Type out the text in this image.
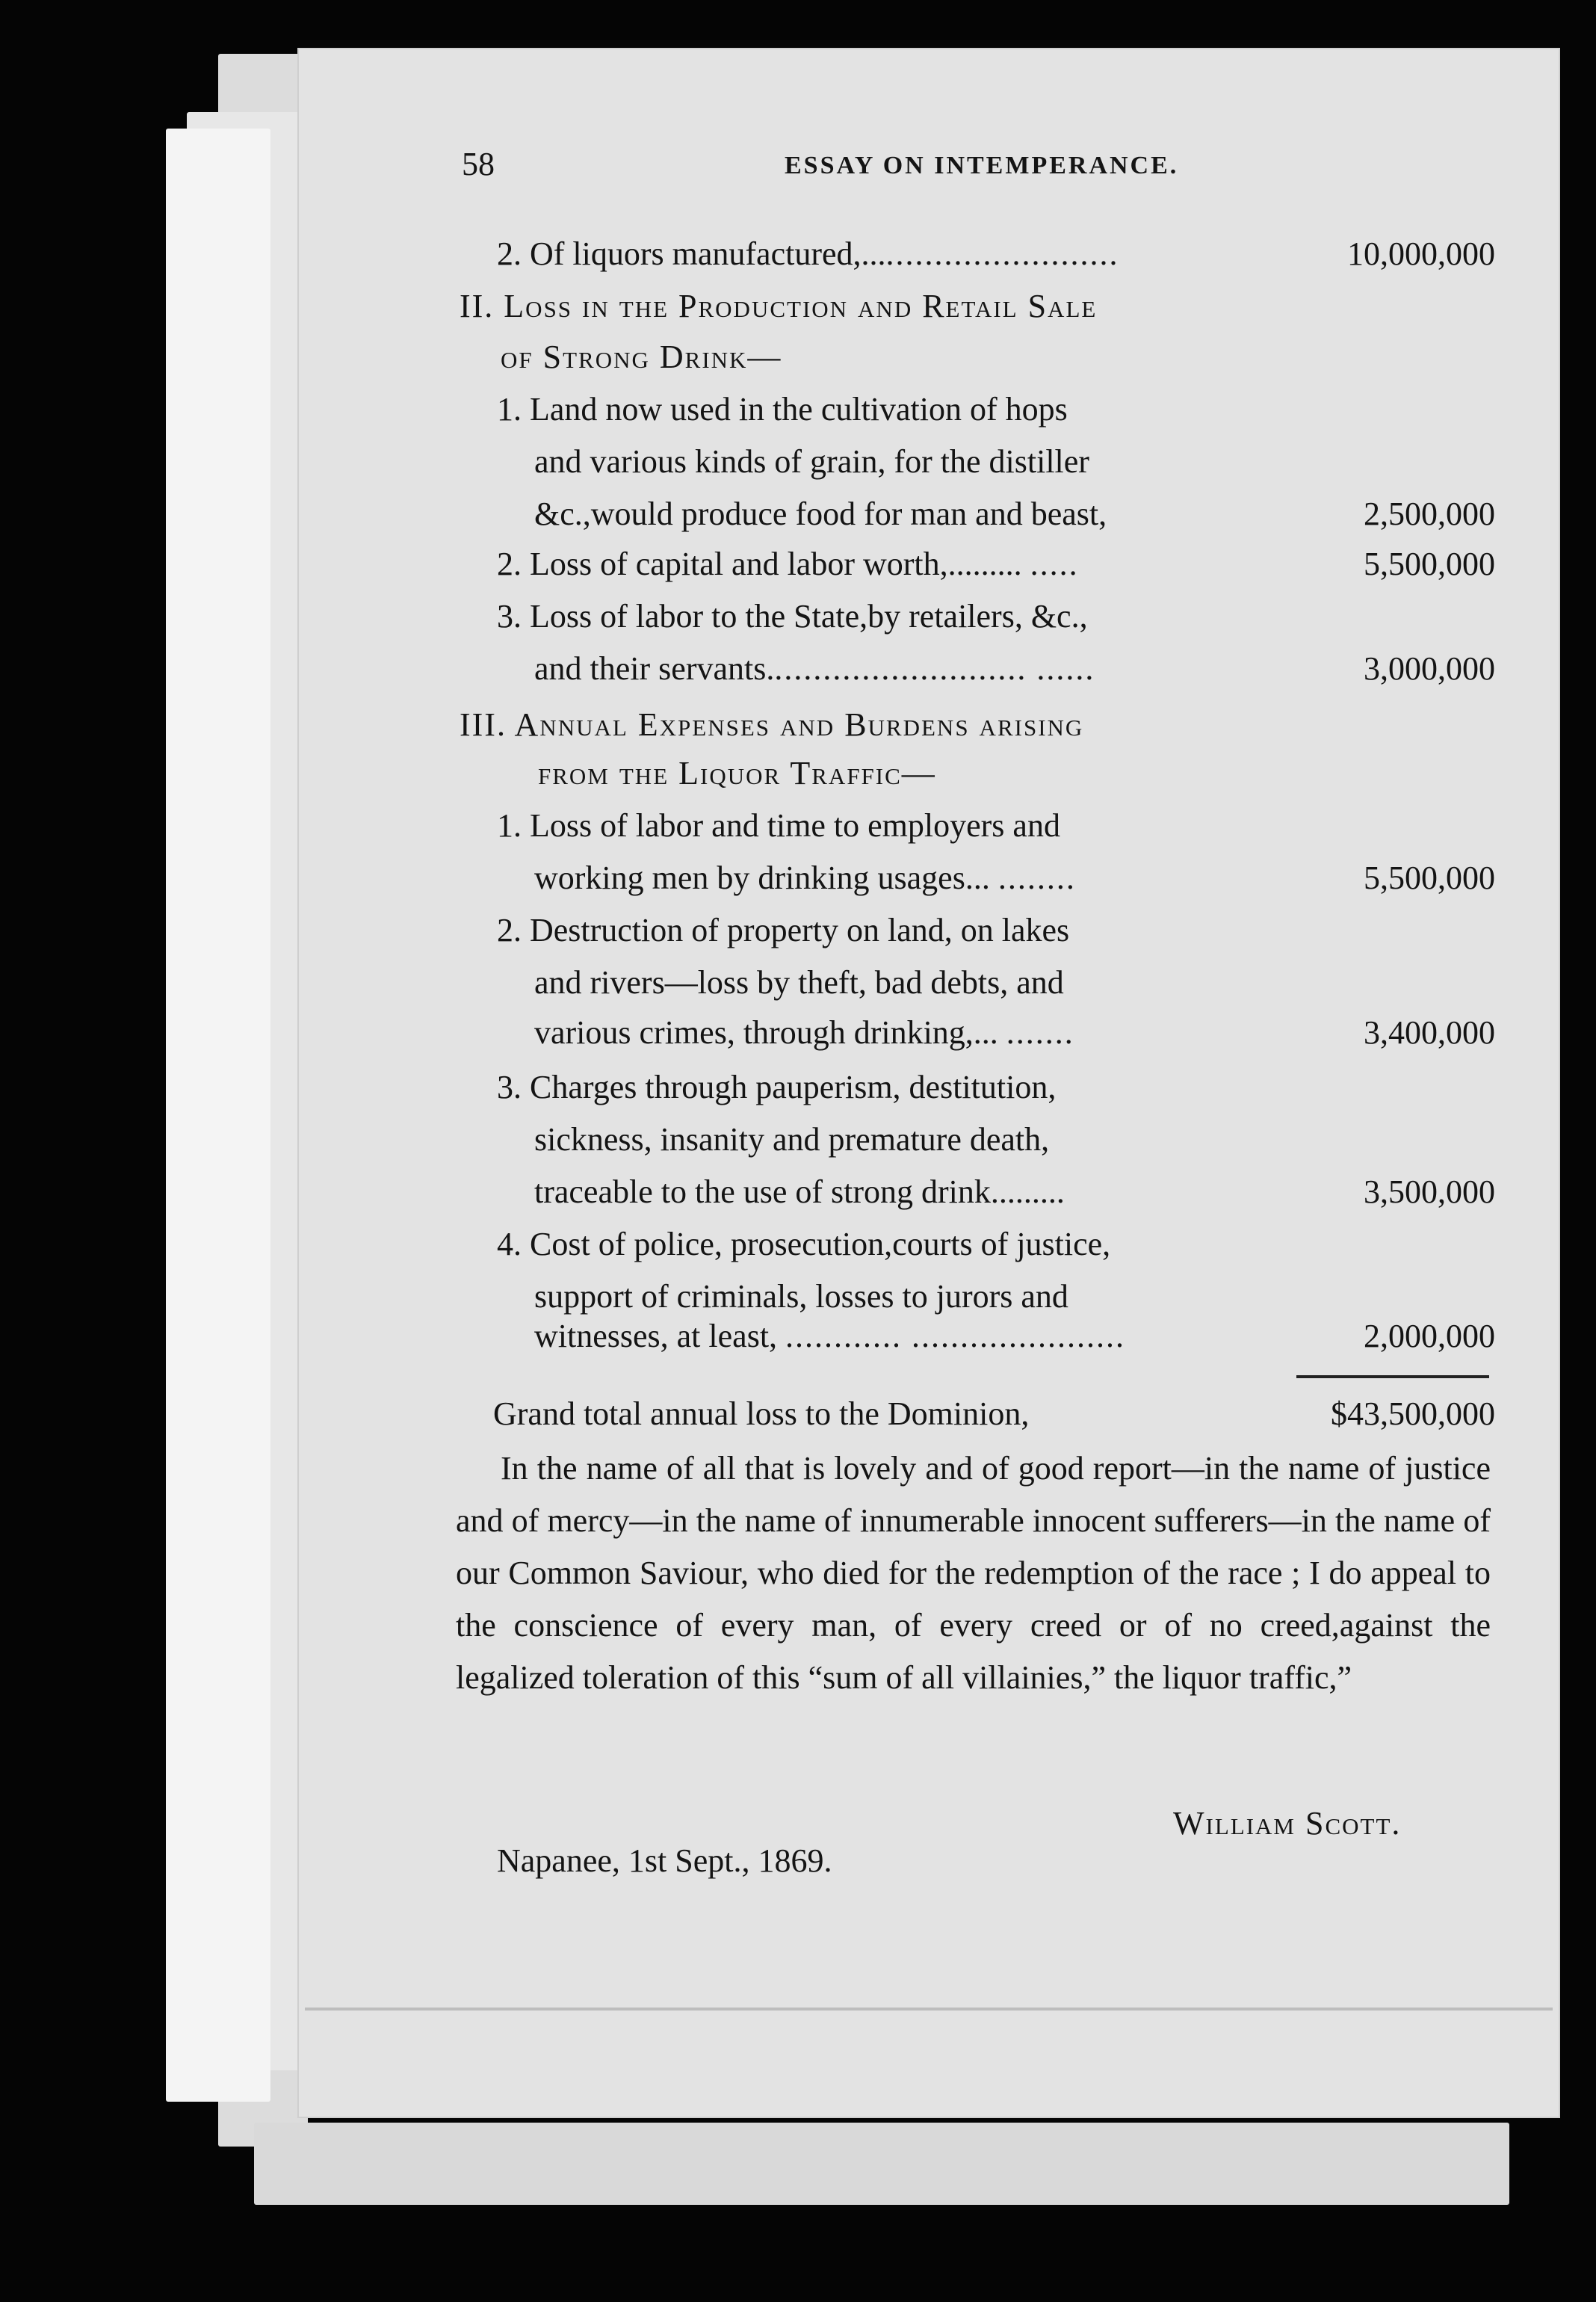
58	ESSAY ON INTEMPERANCE.
2. Of liquors manufactured,...........................	10,000,000
II. Loss in the Production and Retail Sale
of Strong Drink—
1. Land now used in the cultivation of hops
and various kinds of grain, for the distiller
&c.,would produce food for man and beast,	2,500,000
2. Loss of capital and labor worth,......... .....	5,500,000
3. Loss of labor to the State,by retailers, &c.,
and their servants........................... ......	3,000,000
III. Annual Expenses and Burdens arising
from the Liquor Traffic—
1. Loss of labor and time to employers and
working men by drinking usages... ........	5,500,000
2. Destruction of property on land, on lakes
and rivers—loss by theft, bad debts, and
various crimes, through drinking,... .......	3,400,000
3. Charges through pauperism, destitution,
sickness, insanity and premature death,
traceable to the use of strong drink.........	3,500,000
4. Cost of police, prosecution,courts of justice,
support of criminals, losses to jurors and
witnesses, at least, ............ ......................	2,000,000
Grand total annual loss to the Dominion,	$43,500,000

In the name of all that is lovely and of good report—in the name of justice and of mercy—in the name of innumerable innocent sufferers—in the name of our Common Saviour, who died for the redemption of the race ; I do appeal to the conscience of every man, of every creed or of no creed,against the legalized toleration of this “sum of all villainies,” the liquor traffic,”

William Scott.
Napanee, 1st Sept., 1869.
